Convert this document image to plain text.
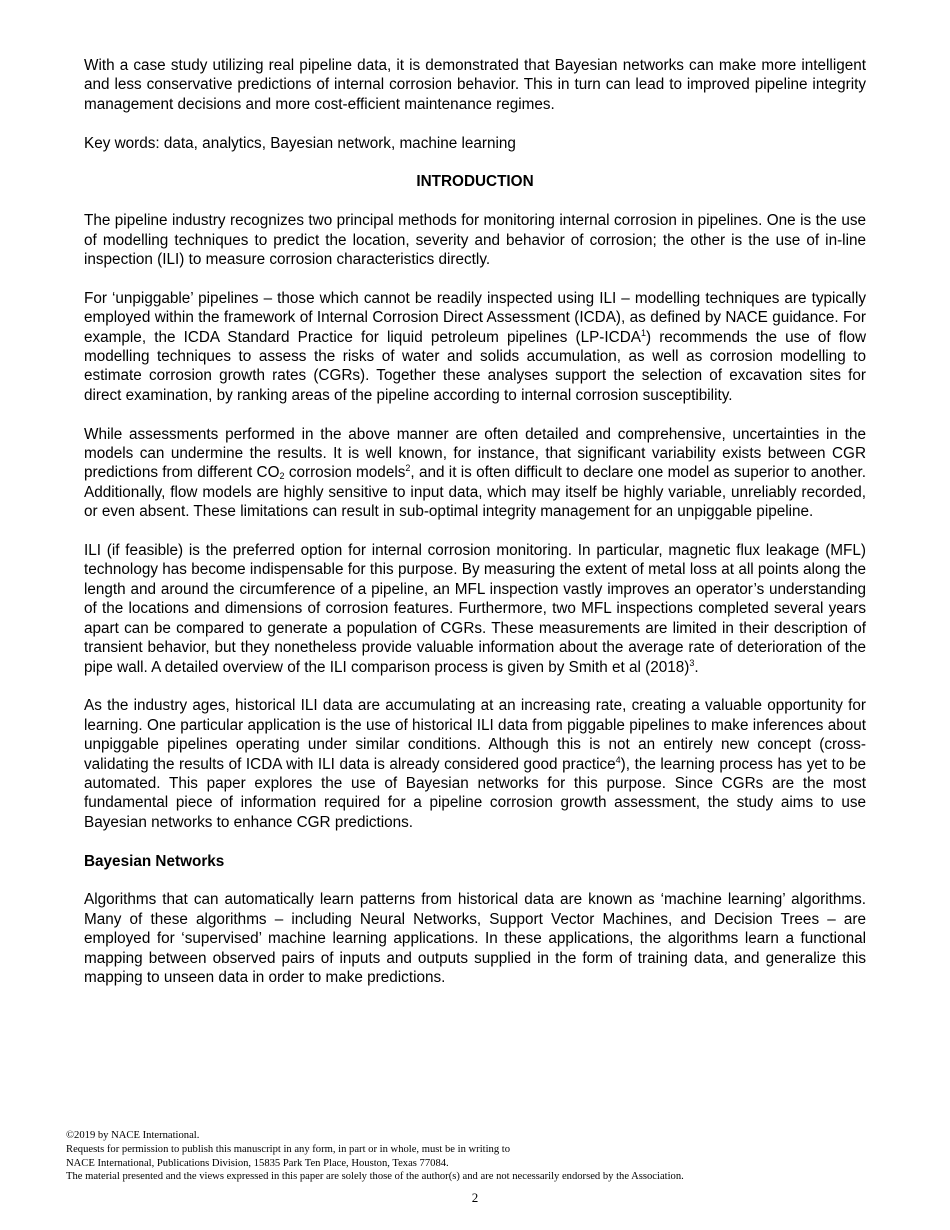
With a case study utilizing real pipeline data, it is demonstrated that Bayesian networks can make more intelligent and less conservative predictions of internal corrosion behavior. This in turn can lead to improved pipeline integrity management decisions and more cost-efficient maintenance regimes.

Key words: data, analytics, Bayesian network, machine learning

INTRODUCTION

The pipeline industry recognizes two principal methods for monitoring internal corrosion in pipelines. One is the use of modelling techniques to predict the location, severity and behavior of corrosion; the other is the use of in-line inspection (ILI) to measure corrosion characteristics directly.

For ‘unpiggable’ pipelines – those which cannot be readily inspected using ILI – modelling techniques are typically employed within the framework of Internal Corrosion Direct Assessment (ICDA), as defined by NACE guidance. For example, the ICDA Standard Practice for liquid petroleum pipelines (LP-ICDA$^1$) recommends the use of flow modelling techniques to assess the risks of water and solids accumulation, as well as corrosion modelling to estimate corrosion growth rates (CGRs). Together these analyses support the selection of excavation sites for direct examination, by ranking areas of the pipeline according to internal corrosion susceptibility.

While assessments performed in the above manner are often detailed and comprehensive, uncertainties in the models can undermine the results. It is well known, for instance, that significant variability exists between CGR predictions from different $CO_2$ corrosion models$^2$, and it is often difficult to declare one model as superior to another. Additionally, flow models are highly sensitive to input data, which may itself be highly variable, unreliably recorded, or even absent. These limitations can result in sub-optimal integrity management for an unpiggable pipeline.

ILI (if feasible) is the preferred option for internal corrosion monitoring. In particular, magnetic flux leakage (MFL) technology has become indispensable for this purpose. By measuring the extent of metal loss at all points along the length and around the circumference of a pipeline, an MFL inspection vastly improves an operator’s understanding of the locations and dimensions of corrosion features. Furthermore, two MFL inspections completed several years apart can be compared to generate a population of CGRs. These measurements are limited in their description of transient behavior, but they nonetheless provide valuable information about the average rate of deterioration of the pipe wall. A detailed overview of the ILI comparison process is given by Smith et al $(2018)^3$.

As the industry ages, historical ILI data are accumulating at an increasing rate, creating a valuable opportunity for learning. One particular application is the use of historical ILI data from piggable pipelines to make inferences about unpiggable pipelines operating under similar conditions. Although this is not an entirely new concept (cross-validating the results of ICDA with ILI data is already considered good practice$^4$), the learning process has yet to be automated. This paper explores the use of Bayesian networks for this purpose. Since CGRs are the most fundamental piece of information required for a pipeline corrosion growth assessment, the study aims to use Bayesian networks to enhance CGR predictions.

Bayesian Networks

Algorithms that can automatically learn patterns from historical data are known as ‘machine learning’ algorithms. Many of these algorithms – including Neural Networks, Support Vector Machines, and Decision Trees – are employed for ‘supervised’ machine learning applications. In these applications, the algorithms learn a functional mapping between observed pairs of inputs and outputs supplied in the form of training data, and generalize this mapping to unseen data in order to make predictions.

©2019 by NACE International.
Requests for permission to publish this manuscript in any form, in part or in whole, must be in writing to
NACE International, Publications Division, 15835 Park Ten Place, Houston, Texas 77084.
The material presented and the views expressed in this paper are solely those of the author(s) and are not necessarily endorsed by the Association.
2
